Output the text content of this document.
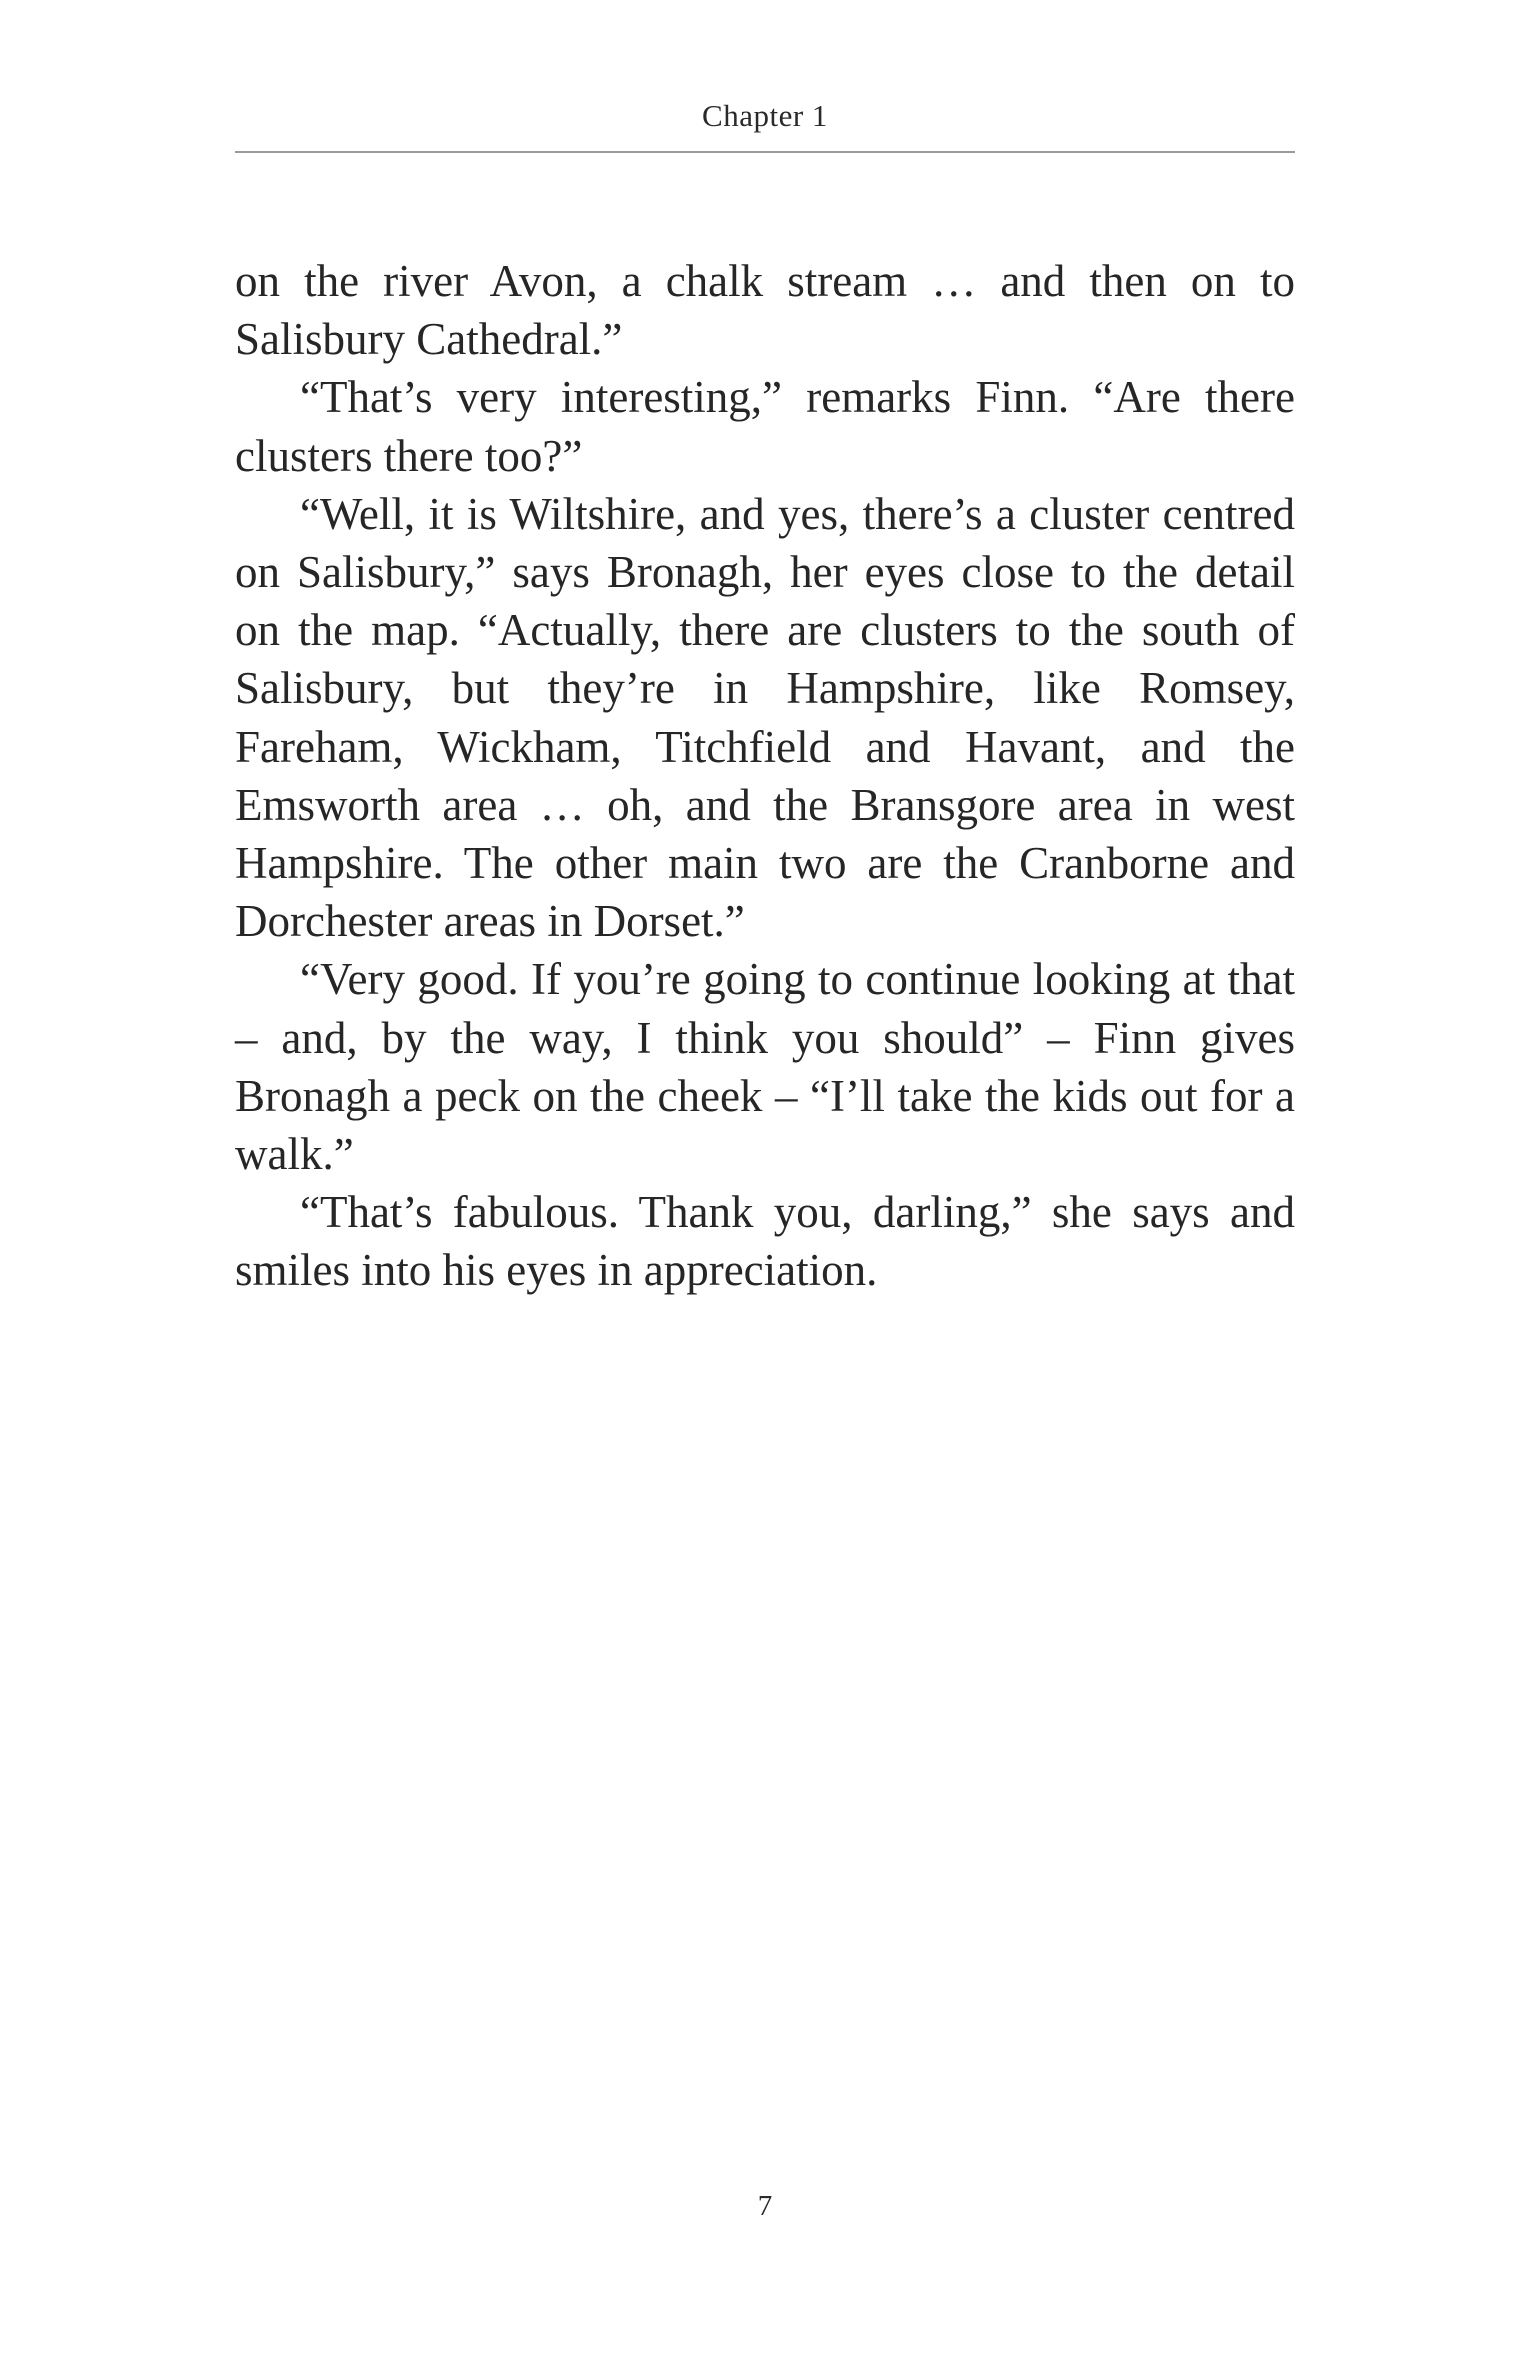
Chapter 1

on the river Avon, a chalk stream … and then on to Salisbury Cathedral.”

“That’s very interesting,” remarks Finn. “Are there clusters there too?”

“Well, it is Wiltshire, and yes, there’s a cluster centred on Salisbury,” says Bronagh, her eyes close to the detail on the map. “Actually, there are clusters to the south of Salisbury, but they’re in Hampshire, like Romsey, Fareham, Wickham, Titchfield and Havant, and the Emsworth area … oh, and the Bransgore area in west Hampshire. The other main two are the Cranborne and Dorchester areas in Dorset.”

“Very good. If you’re going to continue looking at that – and, by the way, I think you should” – Finn gives Bronagh a peck on the cheek – “I’ll take the kids out for a walk.”

“That’s fabulous. Thank you, darling,” she says and smiles into his eyes in appreciation.

7
